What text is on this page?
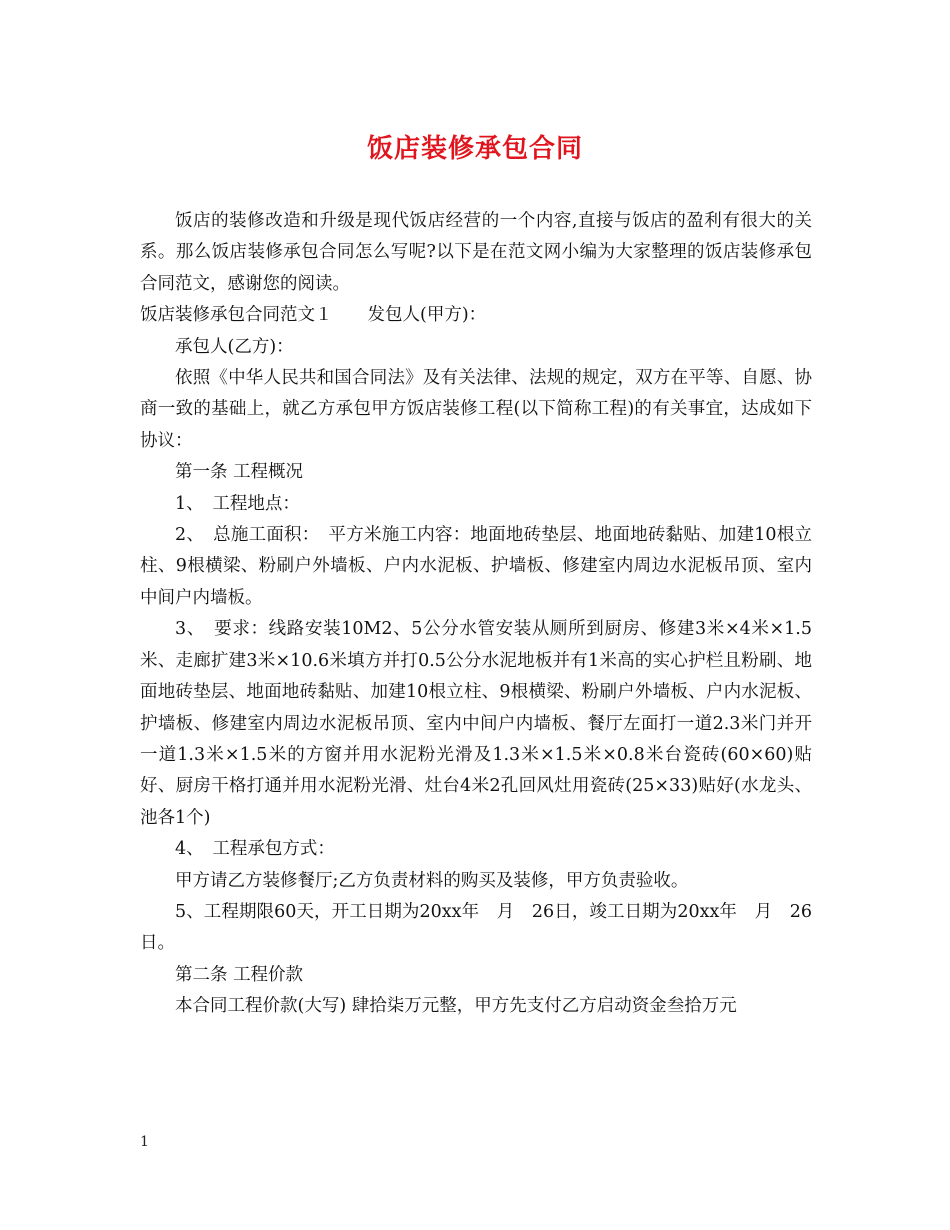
饭店装修承包合同

饭店的装修改造和升级是现代饭店经营的一个内容,直接与饭店的盈利有很大的关系。那么饭店装修承包合同怎么写呢?以下是在范文网小编为大家整理的饭店装修承包合同范文，感谢您的阅读。

饭店装修承包合同范文１　　发包人(甲方)：

承包人(乙方)：

依照《中华人民共和国合同法》及有关法律、法规的规定，双方在平等、自愿、协商一致的基础上，就乙方承包甲方饭店装修工程(以下简称工程)的有关事宜，达成如下协议：

第一条 工程概况

1、　工程地点：

2、　总施工面积：　平方米施工内容：地面地砖垫层、地面地砖黏贴、加建10根立柱、9根横梁、粉刷户外墙板、户内水泥板、护墙板、修建室内周边水泥板吊顶、室内中间户内墙板。

3、　要求：线路安装10M2、5公分水管安装从厕所到厨房、修建3米×4米×1.5米、走廊扩建3米×10.6米填方并打0.5公分水泥地板并有1米高的实心护栏且粉刷、地面地砖垫层、地面地砖黏贴、加建10根立柱、9根横梁、粉刷户外墙板、户内水泥板、护墙板、修建室内周边水泥板吊顶、室内中间户内墙板、餐厅左面打一道2.3米门并开一道1.3米×1.5米的方窗并用水泥粉光滑及1.3米×1.5米×0.8米台瓷砖(60×60)贴好、厨房干格打通并用水泥粉光滑、灶台4米2孔回风灶用瓷砖(25×33)贴好(水龙头、池各1个)

4、　工程承包方式：

甲方请乙方装修餐厅;乙方负责材料的购买及装修，甲方负责验收。

5、工程期限60天，开工日期为20xx年　月　26日，竣工日期为20xx年　月　26日。

第二条 工程价款

本合同工程价款(大写) 肆拾柒万元整，甲方先支付乙方启动资金叁拾万元

1
